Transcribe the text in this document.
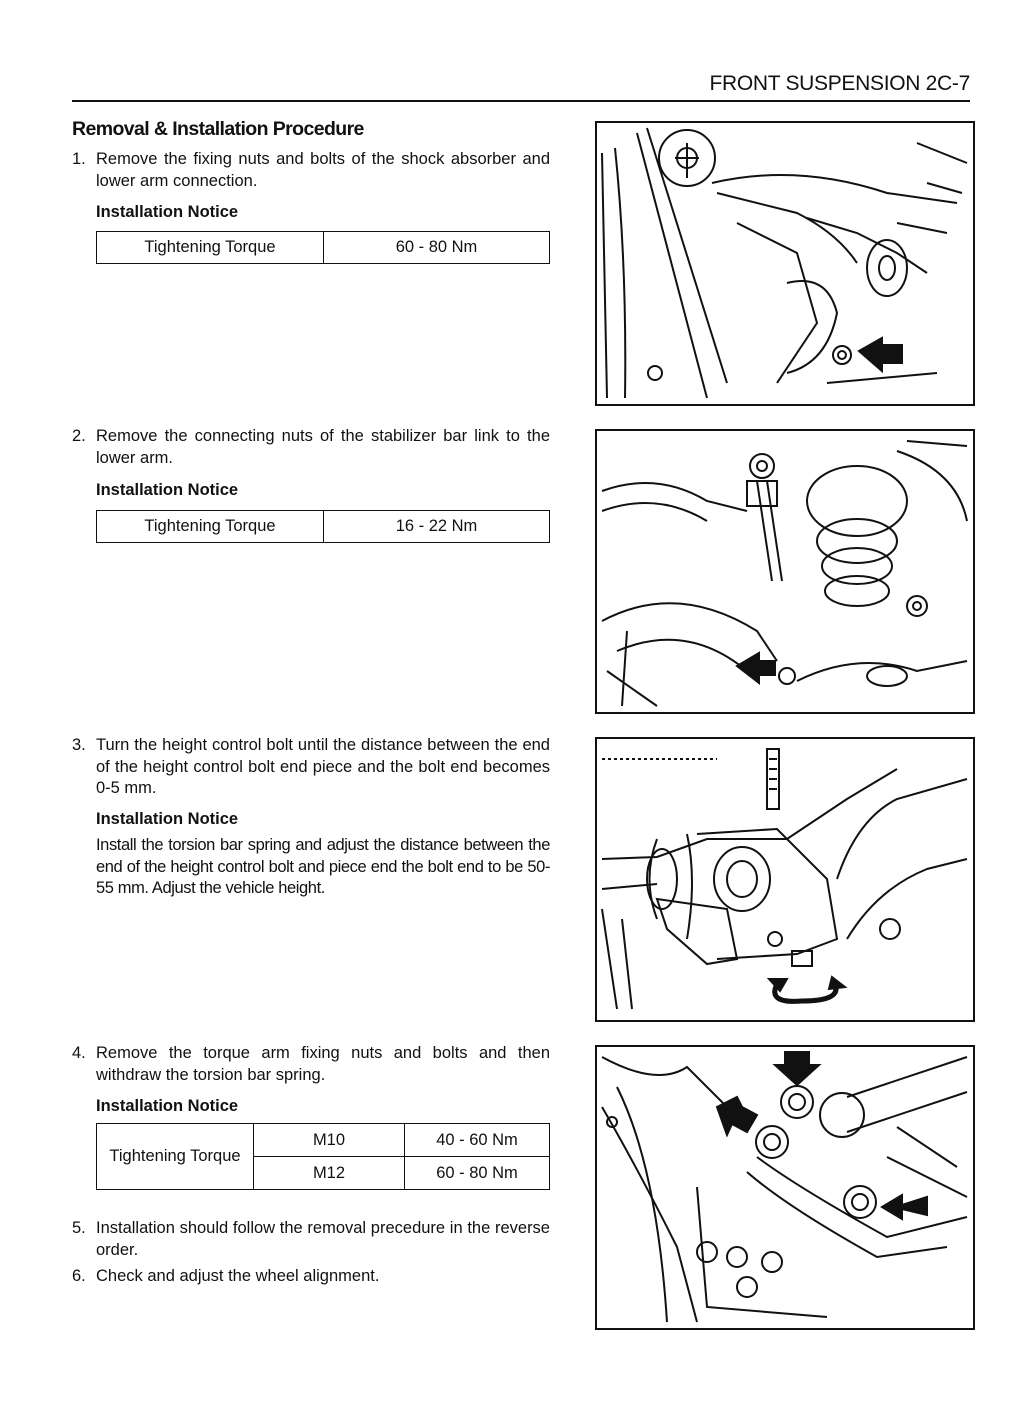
FRONT SUSPENSION 2C-7
Removal & Installation Procedure
1. Remove the fixing nuts and bolts of the shock absorber and lower arm connection.
Installation Notice
Tightening Torque	60 - 80 Nm
2. Remove the connecting nuts of the stabilizer bar link to the lower arm.
Installation Notice
Tightening Torque	16 - 22 Nm
3. Turn the height control bolt until the distance between the end of the height control bolt end piece and the bolt end becomes 0-5 mm.
Installation Notice
Install the torsion bar spring and adjust the distance between the end of the height control bolt and piece end the bolt end to be 50-55 mm. Adjust the vehicle height.
4. Remove the torque arm fixing nuts and bolts and then withdraw the torsion bar spring.
Installation Notice
Tightening Torque	M10	40 - 60 Nm
	M12	60 - 80 Nm
5. Installation should follow the removal precedure in the reverse order.
6. Check and adjust the wheel alignment.
